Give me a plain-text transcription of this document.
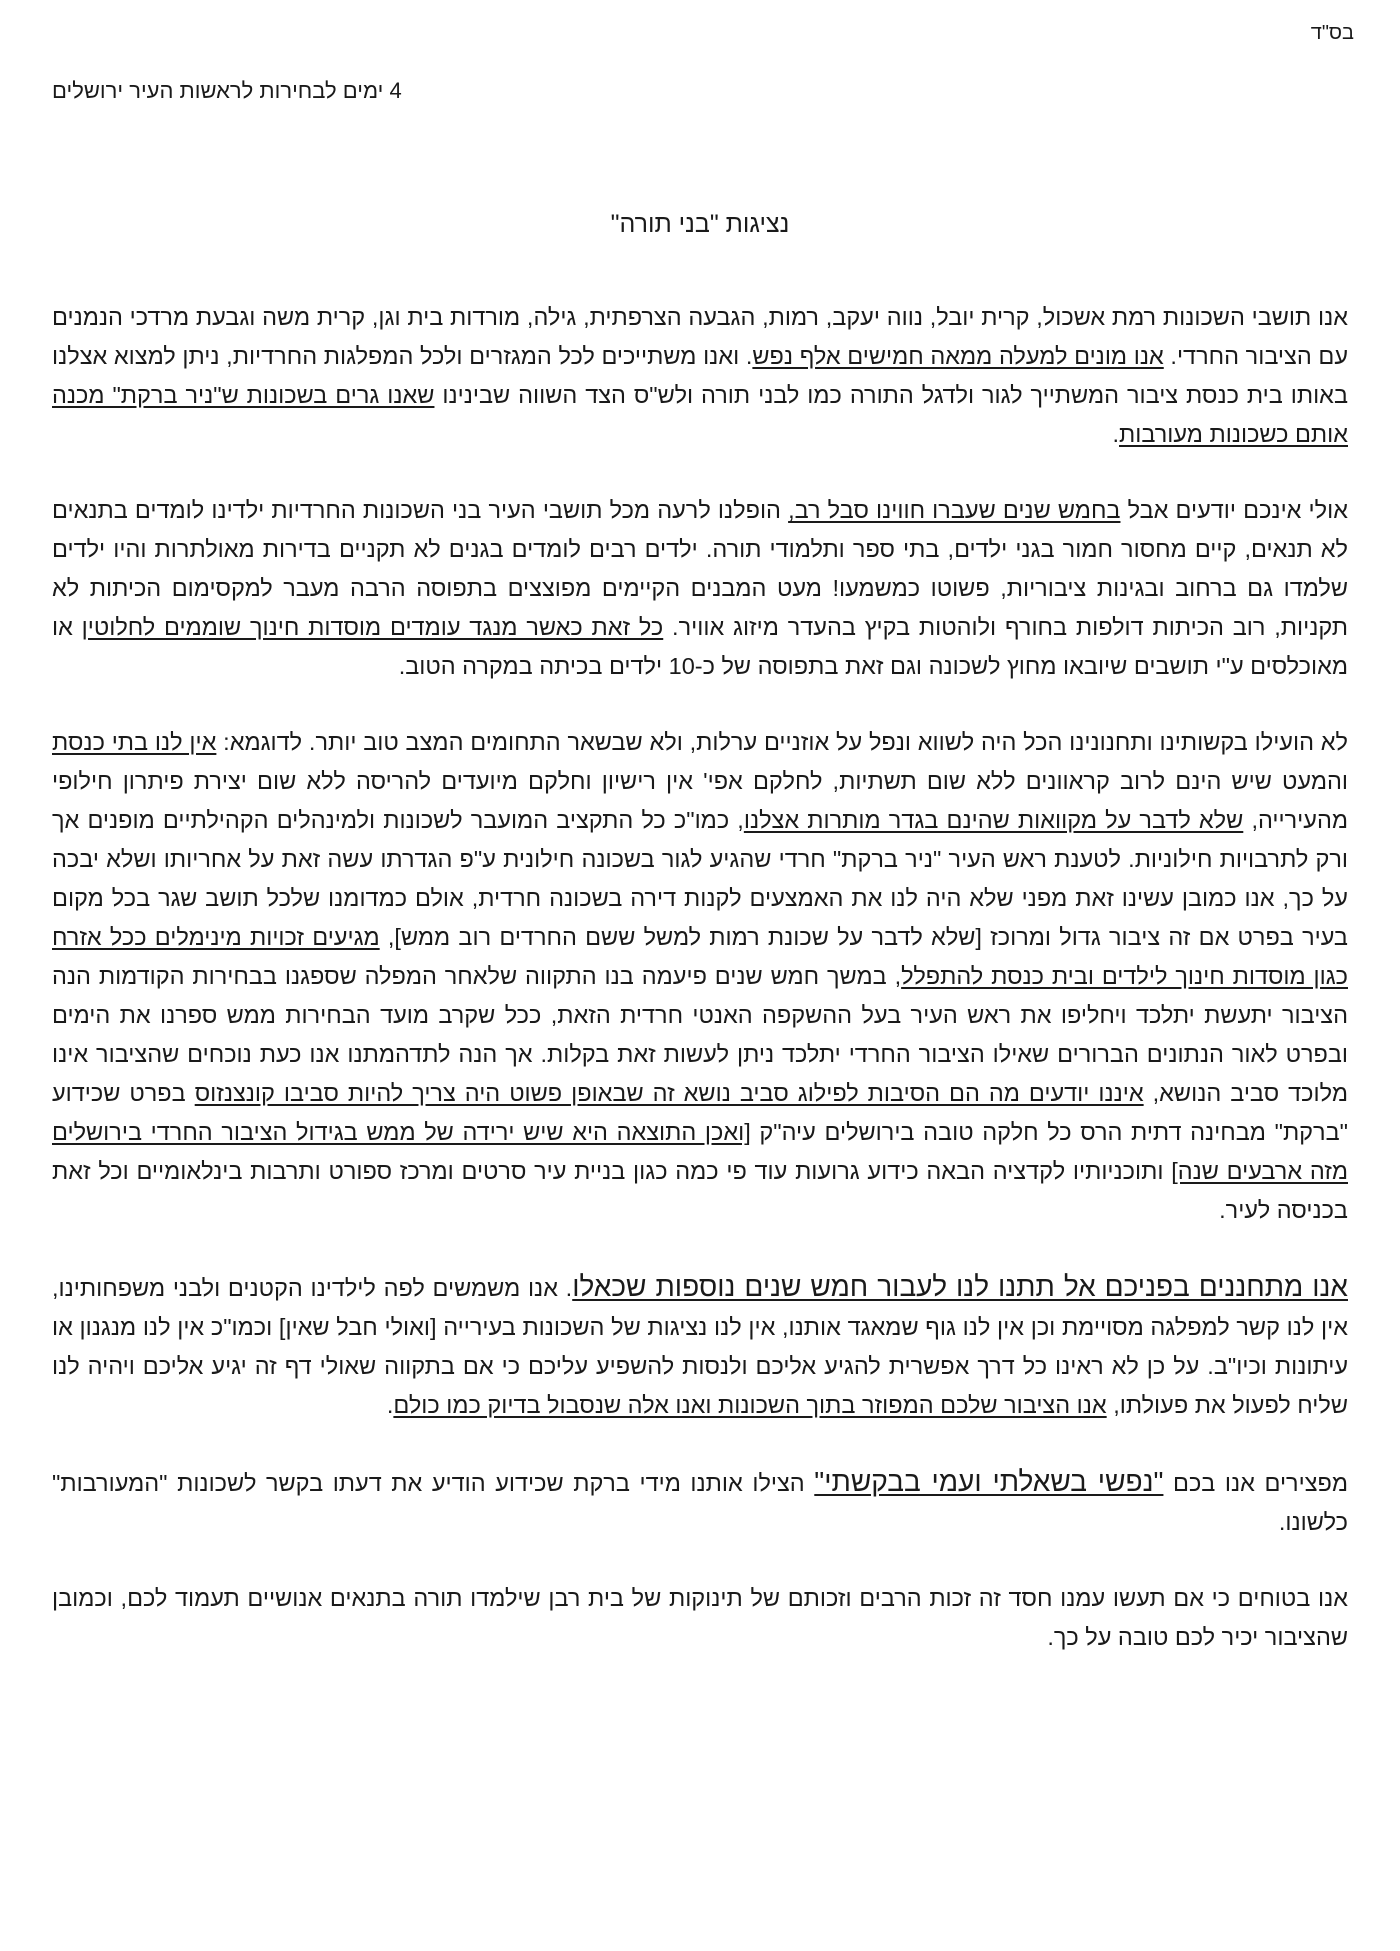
בס"ד
4 ימים לבחירות לראשות העיר ירושלים
נציגות "בני תורה"

אנו תושבי השכונות רמת אשכול, קרית יובל, נווה יעקב, רמות, הגבעה הצרפתית, גילה, מורדות בית וגן, קרית משה וגבעת מרדכי הנמנים עם הציבור החרדי. אנו מונים למעלה ממאה חמישים אלף נפש. ואנו משתייכים לכל המגזרים ולכל המפלגות החרדיות, ניתן למצוא אצלנו באותו בית כנסת ציבור המשתייך לגור ולדגל התורה כמו לבני תורה ולש"ס הצד השווה שבינינו שאנו גרים בשכונות ש"ניר ברקת" מכנה אותם כשכונות מעורבות.

אולי אינכם יודעים אבל בחמש שנים שעברו חווינו סבל רב, הופלנו לרעה מכל תושבי העיר בני השכונות החרדיות ילדינו לומדים בתנאים לא תנאים, קיים מחסור חמור בגני ילדים, בתי ספר ותלמודי תורה. ילדים רבים לומדים בגנים לא תקניים בדירות מאולתרות והיו ילדים שלמדו גם ברחוב ובגינות ציבוריות, פשוטו כמשמעו! מעט המבנים הקיימים מפוצצים בתפוסה הרבה מעבר למקסימום הכיתות לא תקניות, רוב הכיתות דולפות בחורף ולוהטות בקיץ בהעדר מיזוג אוויר. כל זאת כאשר מנגד עומדים מוסדות חינוך שוממים לחלוטין או מאוכלסים ע"י תושבים שיובאו מחוץ לשכונה וגם זאת בתפוסה של כ-10 ילדים בכיתה במקרה הטוב.

לא הועילו בקשותינו ותחנונינו הכל היה לשווא ונפל על אוזניים ערלות, ולא שבשאר התחומים המצב טוב יותר. לדוגמא: אין לנו בתי כנסת והמעט שיש הינם לרוב קראוונים ללא שום תשתיות, לחלקם אפי' אין רישיון וחלקם מיועדים להריסה ללא שום יצירת פיתרון חילופי מהעירייה, שלא לדבר על מקוואות שהינם בגדר מותרות אצלנו, כמו"כ כל התקציב המועבר לשכונות ולמינהלים הקהילתיים מופנים אך ורק לתרבויות חילוניות. לטענת ראש העיר "ניר ברקת" חרדי שהגיע לגור בשכונה חילונית ע"פ הגדרתו עשה זאת על אחריותו ושלא יבכה על כך, אנו כמובן עשינו זאת מפני שלא היה לנו את האמצעים לקנות דירה בשכונה חרדית, אולם כמדומנו שלכל תושב שגר בכל מקום בעיר בפרט אם זה ציבור גדול ומרוכז [שלא לדבר על שכונת רמות למשל ששם החרדים רוב ממש], מגיעים זכויות מינימלים ככל אזרח כגון מוסדות חינוך לילדים ובית כנסת להתפלל, במשך חמש שנים פיעמה בנו התקווה שלאחר המפלה שספגנו בבחירות הקודמות הנה הציבור יתעשת יתלכד ויחליפו את ראש העיר בעל ההשקפה האנטי חרדית הזאת, ככל שקרב מועד הבחירות ממש ספרנו את הימים ובפרט לאור הנתונים הברורים שאילו הציבור החרדי יתלכד ניתן לעשות זאת בקלות. אך הנה לתדהמתנו אנו כעת נוכחים שהציבור אינו מלוכד סביב הנושא, איננו יודעים מה הם הסיבות לפילוג סביב נושא זה שבאופן פשוט היה צריך להיות סביבו קונצנזוס בפרט שכידוע "ברקת" מבחינה דתית הרס כל חלקה טובה בירושלים עיה"ק [ואכן התוצאה היא שיש ירידה של ממש בגידול הציבור החרדי בירושלים מזה ארבעים שנה] ותוכניותיו לקדציה הבאה כידוע גרועות עוד פי כמה כגון בניית עיר סרטים ומרכז ספורט ותרבות בינלאומיים וכל זאת בכניסה לעיר.

אנו מתחננים בפניכם אל תתנו לנו לעבור חמש שנים נוספות שכאלו. אנו משמשים לפה לילדינו הקטנים ולבני משפחותינו, אין לנו קשר למפלגה מסויימת וכן אין לנו גוף שמאגד אותנו, אין לנו נציגות של השכונות בעירייה [ואולי חבל שאין] וכמו"כ אין לנו מנגנון או עיתונות וכיו"ב. על כן לא ראינו כל דרך אפשרית להגיע אליכם ולנסות להשפיע עליכם כי אם בתקווה שאולי דף זה יגיע אליכם ויהיה לנו שליח לפעול את פעולתו, אנו הציבור שלכם המפוזר בתוך השכונות ואנו אלה שנסבול בדיוק כמו כולם.

מפצירים אנו בכם "נפשי בשאלתי ועמי בבקשתי" הצילו אותנו מידי ברקת שכידוע הודיע את דעתו בקשר לשכונות "המעורבות" כלשונו.

אנו בטוחים כי אם תעשו עמנו חסד זה זכות הרבים וזכותם של תינוקות של בית רבן שילמדו תורה בתנאים אנושיים תעמוד לכם, וכמובן שהציבור יכיר לכם טובה על כך.
